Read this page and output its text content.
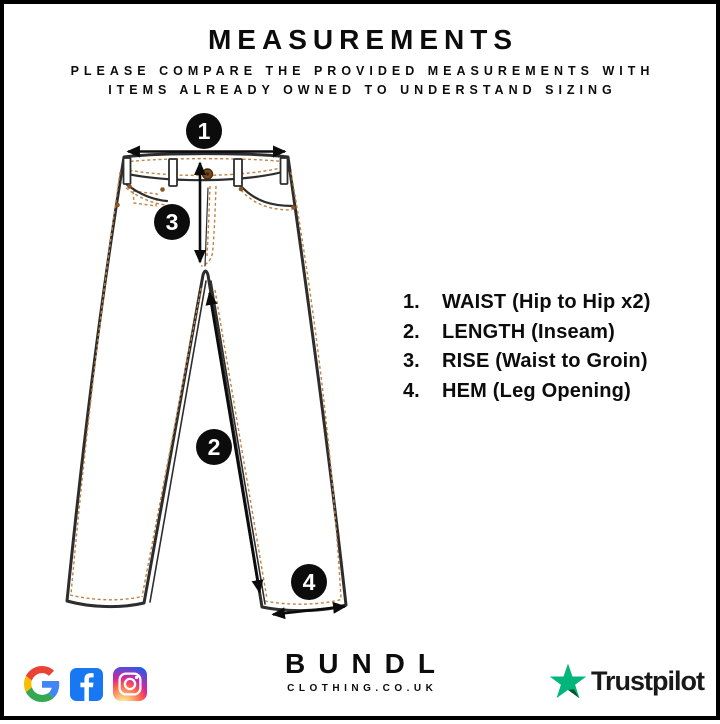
MEASUREMENTS
PLEASE COMPARE THE PROVIDED MEASUREMENTS WITH
ITEMS ALREADY OWNED TO UNDERSTAND SIZING
1
3
2
4
1.	WAIST (Hip to Hip x2)
2.	LENGTH (Inseam)
3.	RISE (Waist to Groin)
4.	HEM (Leg Opening)
BUNDL
CLOTHING.CO.UK	Trustpilot
